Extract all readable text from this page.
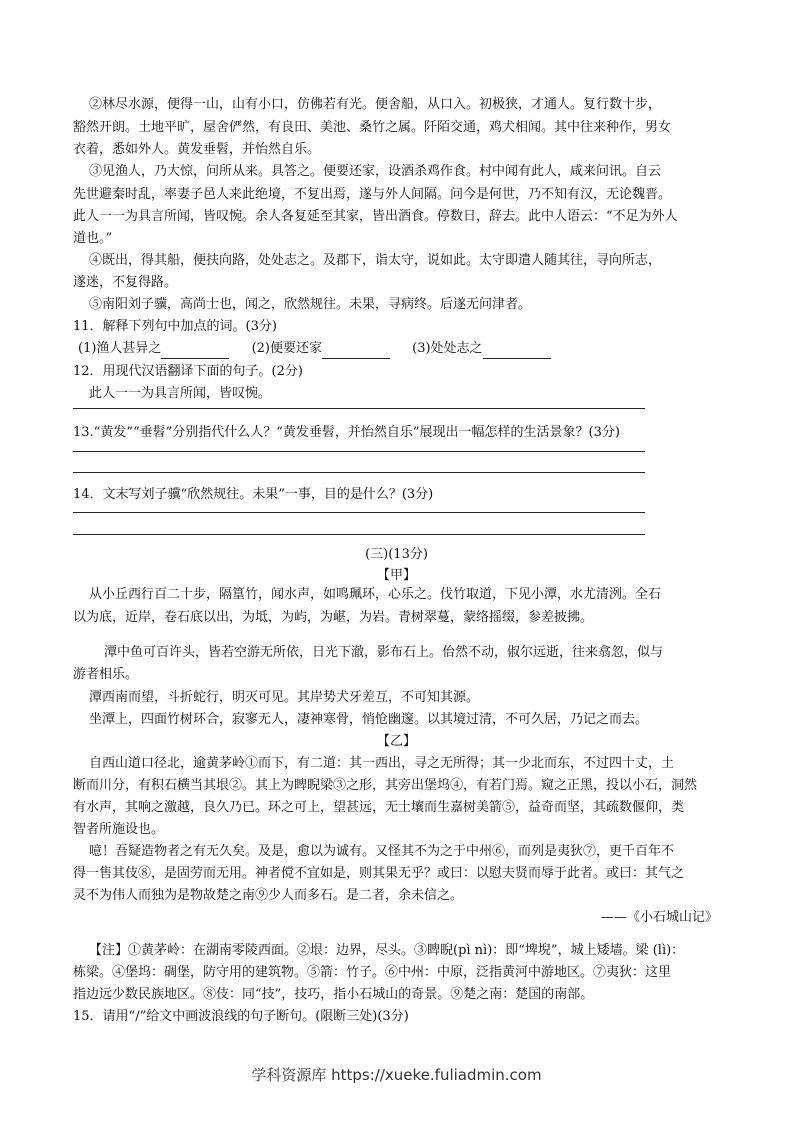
②林尽水源，便得一山，山有小口，仿佛若有光。便舍船，从口入。初极狭，才通人。复行数十步，
豁然开朗。土地平旷，屋舍俨然，有良田、美池、桑竹之属。阡陌交通，鸡犬相闻。其中往来种作，男女
衣着，悉如外人。黄发垂髫，并怡然自乐。
③见渔人，乃大惊，问所从来。具答之。便要还家，设酒杀鸡作食。村中闻有此人，咸来问讯。自云
先世避秦时乱，率妻子邑人来此绝境，不复出焉，遂与外人间隔。问今是何世，乃不知有汉，无论魏晋。
此人一一为具言所闻，皆叹惋。余人各复延至其家，皆出酒食。停数日，辞去。此中人语云：“不足为外人
道也。”
④既出，得其船，便扶向路，处处志之。及郡下，诣太守，说如此。太守即遣人随其往，寻向所志，
遂迷，不复得路。
⑤南阳刘子骥，高尚士也，闻之，欣然规往。未果，寻病终。后遂无问津者。
11．解释下列句中加点的词。(3分)
(1)渔人甚异之	(2)便要还家	(3)处处志之
12．用现代汉语翻译下面的句子。(2分)
此人一一为具言所闻，皆叹惋。
13.“黄发”“垂髫”分别指代什么人？“黄发垂髫，并怡然自乐”展现出一幅怎样的生活景象？(3分)
14．文末写刘子骥“欣然规往。未果”一事，目的是什么？(3分)
(三)(13分)
【甲】
从小丘西行百二十步，隔篁竹，闻水声，如鸣珮环，心乐之。伐竹取道，下见小潭，水尤清洌。全石
以为底，近岸，卷石底以出，为坻，为屿，为嵁，为岩。青树翠蔓，蒙络摇缀，参差披拂。
潭中鱼可百许头，皆若空游无所依，日光下澈，影布石上。佁然不动，俶尔远逝，往来翕忽，似与
游者相乐。
潭西南而望，斗折蛇行，明灭可见。其岸势犬牙差互，不可知其源。
坐潭上，四面竹树环合，寂寥无人，凄神寒骨，悄怆幽邃。以其境过清，不可久居，乃记之而去。
【乙】
自西山道口径北，逾黄茅岭①而下，有二道：其一西出，寻之无所得；其一少北而东，不过四十丈，土
断而川分，有积石横当其垠②。其上为睥睨梁③之形，其旁出堡坞④，有若门焉。窥之正黑，投以小石，洞然
有水声，其响之激越，良久乃已。环之可上，望甚远，无土壤而生嘉树美箭⑤，益奇而坚，其疏数偃仰，类
智者所施设也。
噫！吾疑造物者之有无久矣。及是，愈以为诚有。又怪其不为之于中州⑥，而列是夷狄⑦，更千百年不
得一售其伎⑧，是固劳而无用。神者傥不宜如是，则其果无乎？或曰：以慰夫贤而辱于此者。或曰：其气之
灵不为伟人而独为是物故楚之南⑨少人而多石。是二者，余未信之。
——《小石城山记》
【注】①黄茅岭：在湖南零陵西面。②垠：边界，尽头。③睥睨(pì nì)：即“埤堄”，城上矮墙。梁 (lì)：
栋梁。④堡坞：碉堡，防守用的建筑物。⑤箭：竹子。⑥中州：中原，泛指黄河中游地区。⑦夷狄：这里
指边远少数民族地区。⑧伎：同“技”，技巧，指小石城山的奇景。⑨楚之南：楚国的南部。
15．请用“/”给文中画波浪线的句子断句。(限断三处)(3分)
学科资源库 https://xueke.fuliadmin.com
